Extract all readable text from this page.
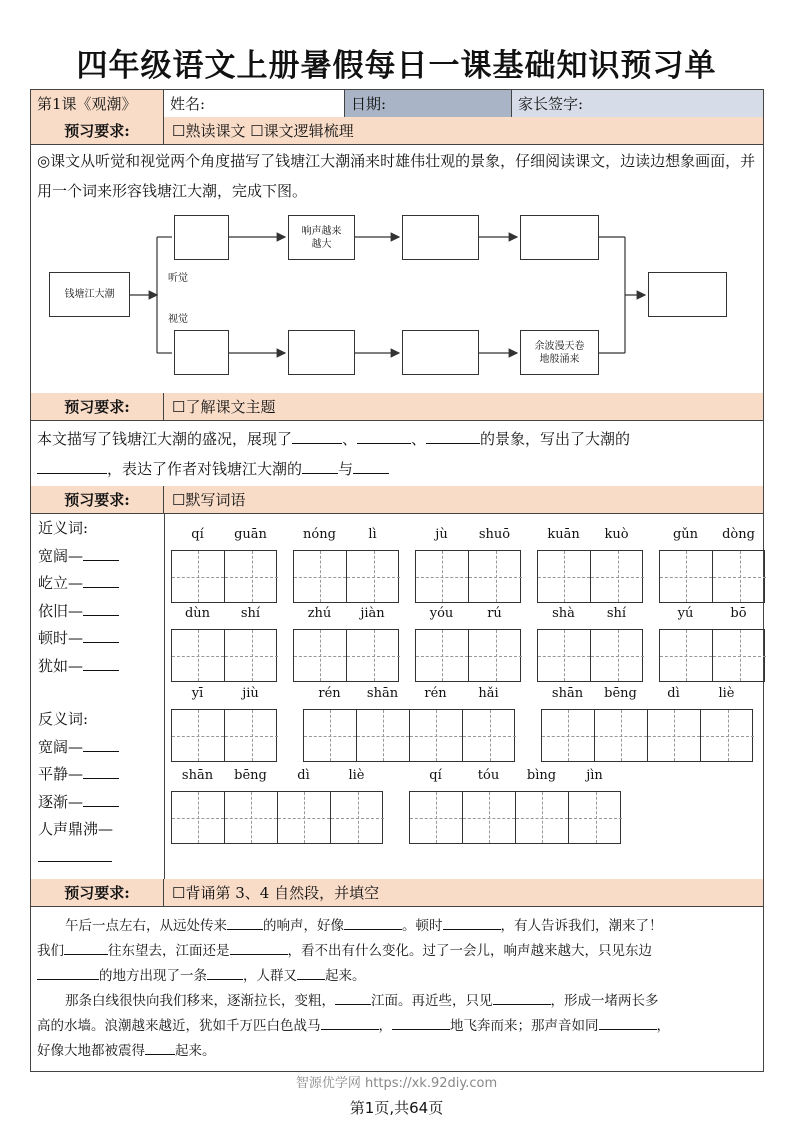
四年级语文上册暑假每日一课基础知识预习单
第1课《观潮》	姓名:	日期:	家长签字:
预习要求:	☐熟读课文 ☐课文逻辑梳理
◎课文从听觉和视觉两个角度描写了钱塘江大潮涌来时雄伟壮观的景象，仔细阅读课文，边读边想象画面，并用一个词来形容钱塘江大潮，完成下图。
钱塘江大潮
听觉
视觉
响声越来越大
余波漫天卷地般涌来
预习要求:	☐了解课文主题
本文描写了钱塘江大潮的盛况，展现了	、	、	的景象，写出了大潮的
，表达了作者对钱塘江大潮的 与
预习要求:	☐默写词语
近义词:
宽阔—
屹立—
依旧—
顿时—
犹如—
反义词:
宽阔—
平静—
逐渐—
人声鼎沸—
qí	guān	nóng	lì	jù	shuō	kuān	kuò	gǔn	dòng
dùn	shí	zhú	jiàn	yóu	rú	shà	shí	yú	bō
yī	jiù	rén	shān	rén	hǎi	shān	bēng	dì	liè
shān	bēng	dì	liè	qí	tóu	bìng	jìn
预习要求:	☐背诵第 3、4 自然段，并填空
午后一点左右，从远处传来	的响声，好像	。顿时	，有人告诉我们，潮来了！
我们	往东望去，江面还是	，看不出有什么变化。过了一会儿，响声越来越大，只见东边
的地方出现了一条	，人群又 起来。
那条白线很快向我们移来，逐渐拉长，变粗，	江面。再近些，只见	，形成一堵两长多
高的水墙。浪潮越来越近，犹如千万匹白色战马	，	地飞奔而来；那声音如同	，
好像大地都被震得 起来。
智源优学网 https://xk.92diy.com
第1页,共64页
